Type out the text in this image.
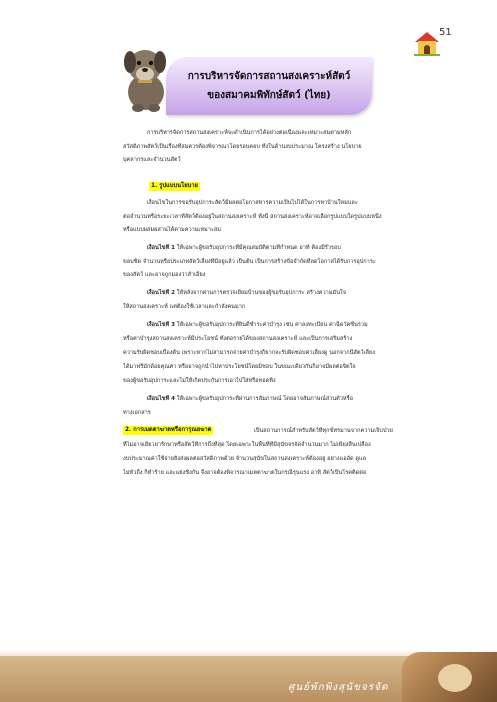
51
การบริหารจัดการสถานสงเคราะห์สัตว์
ของสมาคมพิทักษ์สัตว์ (ไทย)
การบริหารจัดการสถานสงเคราะห์จะดำเนินการได้อย่างต่อเนื่องและเหมาะสมตามหลัก
สวัสดิภาพสัตว์เป็นเรื่องที่สมควรต้องพิจารณาโดยรอบคอบ ทั้งในด้านงบประมาณ โครงสร้าง นโยบาย
บุคลากรและจำนวนสัตว์
1. รูปแบบนโยบาย
เงื่อนไขในการขอรับอุปการะสัตว์มีผลต่อโอกาสหารความเป็นไปได้ในการหาบ้านใหม่และ
ต่อจำนวนหรือระยะเวลาที่สัตว์ต้องอยู่ในสถานสงเคราะห์ ทั้งนี้ สถานสงเคราะห์อาจเลือกรูปแบบใดรูปแบบหนึ่ง
หรือแบบผสมผสานได้ตามความเหมาะสม
เงื่อนไขที่ 1 ให้เฉพาะผู้ขอรับอุปการะที่มีคุณสมบัติตามที่กำหนด อาทิ ต้องมีรั้วรอบ
ขอบชิด จำนวนหรือประเภทสัตว์เลี้ยงที่มีอยู่แล้ว เป็นต้น เป็นการสร้างข้อจำกัดที่ลดโอกาสได้รับการอุปการะ
ของสัตว์ และอาจถูกมองว่าลำเอียง
เงื่อนไขที่ 2 ให้หลังจากผ่านการตรวจเยี่ยมบ้านของผู้ขอรับอุปการะ สร้างความมั่นใจ
ให้สถานสงเคราะห์ แต่ต้องใช้เวลาและกำลังคนมาก
เงื่อนไขที่ 3 ให้เฉพาะผู้ขอรับอุปการะที่ยินดีชำระค่าบำรุง เช่น ค่าลงทะเบียน ค่าฉีดวัคซีนรวม
หรือค่าบำรุงสถานสงเคราะห์มีประโยชน์ ทั้งต่อรายได้ของสถานสงเคราะห์ และเป็นการเสริมสร้าง
ความรับผิดชอบเบื้องต้น เพราะหากไม่สามารถจ่ายค่าบำรุงก็ยากจะรับผิดชอบค่าเลี้ยงดู นอกจากนี้สัตว์เลี้ยง
ได้มาฟรีมักด้อยคุณค่า หรืออาจถูกนำไปหาประโยชน์โดยมิชอบ ในขณะเดียวกันก็อาจมีผลต่อจิตใจ
ของผู้ขอรับอุปการะและไม่ให้เกิดประกันการเอาไปใส่หรือทอดทิ้ง
เงื่อนไขที่ 4 ให้เฉพาะผู้ขอรับอุปการะที่ผ่านการสัมภาษณ์ โดยอาจสัมภาษณ์ส่วนตัวหรือ
ทางเอกสาร
2. การเมตตาฆาตหรือการุณยฆาต	เป็นสถานการณ์สำหรับสัตว์ที่ทุกข์ทรมานจากความเจ็บป่วย
ที่ไม่อาจเยียวยารักษาหรือสัตว์ที่การถึงที่สุด โดยเฉพาะในพื้นที่ที่มีสุนัขจรจัดจำนวนมาก ไม่เพียงสิ้นเปลือง
งบประมาณค่าใช้จ่ายยังส่งผลต่อสวัสดิภาพด้วย จำนวนสุนัขในสถานสงเคราะห์ต้องอยู่ อย่างแออัด ดูแล
ไม่ทั่วถึง ก็ทำร้าย และแย่งชิงกัน จึงอาจต้องพิจารณาเมตตาฆาตในกรณีรุนแรง อาทิ สัตว์เป็นโรคติดต่อ
ศูนย์พักพิงสุนัขจรจัด
